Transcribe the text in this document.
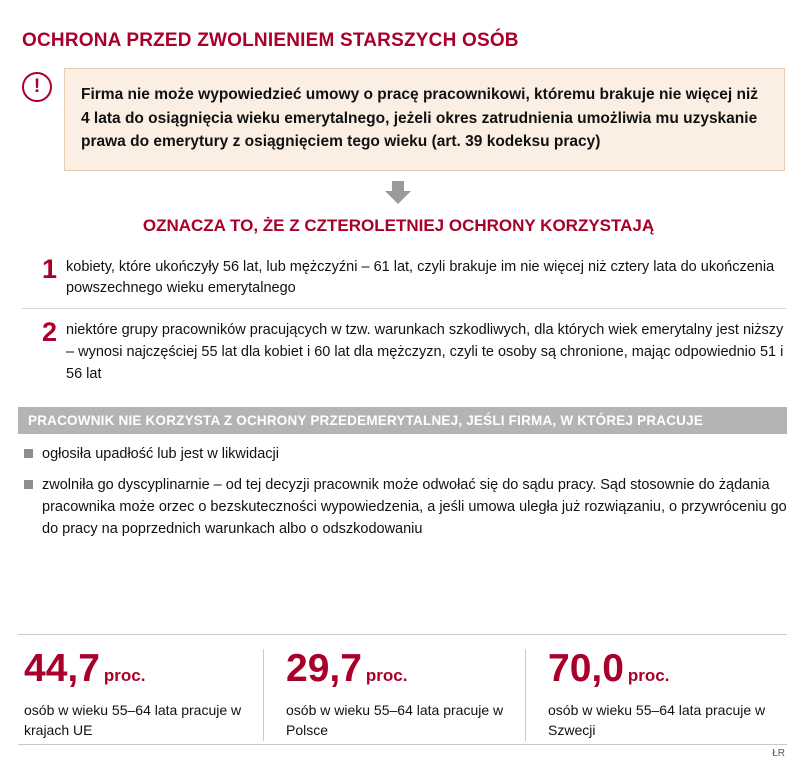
OCHRONA PRZED ZWOLNIENIEM STARSZYCH OSÓB
!	Firma nie może wypowiedzieć umowy o pracę pracownikowi, któremu brakuje nie więcej niż 4 lata do osiągnięcia wieku emerytalnego, jeżeli okres zatrudnienia umożliwia mu uzyskanie prawa do emerytury z osiągnięciem tego wieku (art. 39 kodeksu pracy)
OZNACZA TO, ŻE Z CZTEROLETNIEJ OCHRONY KORZYSTAJĄ
1 kobiety, które ukończyły 56 lat, lub mężczyźni – 61 lat, czyli brakuje im nie więcej niż cztery lata do ukończenia powszechnego wieku emerytalnego
2 niektóre grupy pracowników pracujących w tzw. warunkach szkodliwych, dla których wiek emerytalny jest niższy – wynosi najczęściej 55 lat dla kobiet i 60 lat dla mężczyzn, czyli te osoby są chronione, mając odpowiednio 51 i 56 lat
PRACOWNIK NIE KORZYSTA Z OCHRONY PRZEDEMERYTALNEJ, JEŚLI FIRMA, W KTÓREJ PRACUJE
ogłosiła upadłość lub jest w likwidacji
zwolniła go dyscyplinarnie – od tej decyzji pracownik może odwołać się do sądu pracy. Sąd stosownie do żądania pracownika może orzec o bezskuteczności wypowiedzenia, a jeśli umowa uległa już rozwiązaniu, o przywróceniu go do pracy na poprzednich warunkach albo o odszkodowaniu
44,7 proc.
osób w wieku 55–64 lata pracuje w krajach UE
29,7 proc.
osób w wieku 55–64 lata pracuje w Polsce
70,0 proc.
osób w wieku 55–64 lata pracuje w Szwecji
ŁR
